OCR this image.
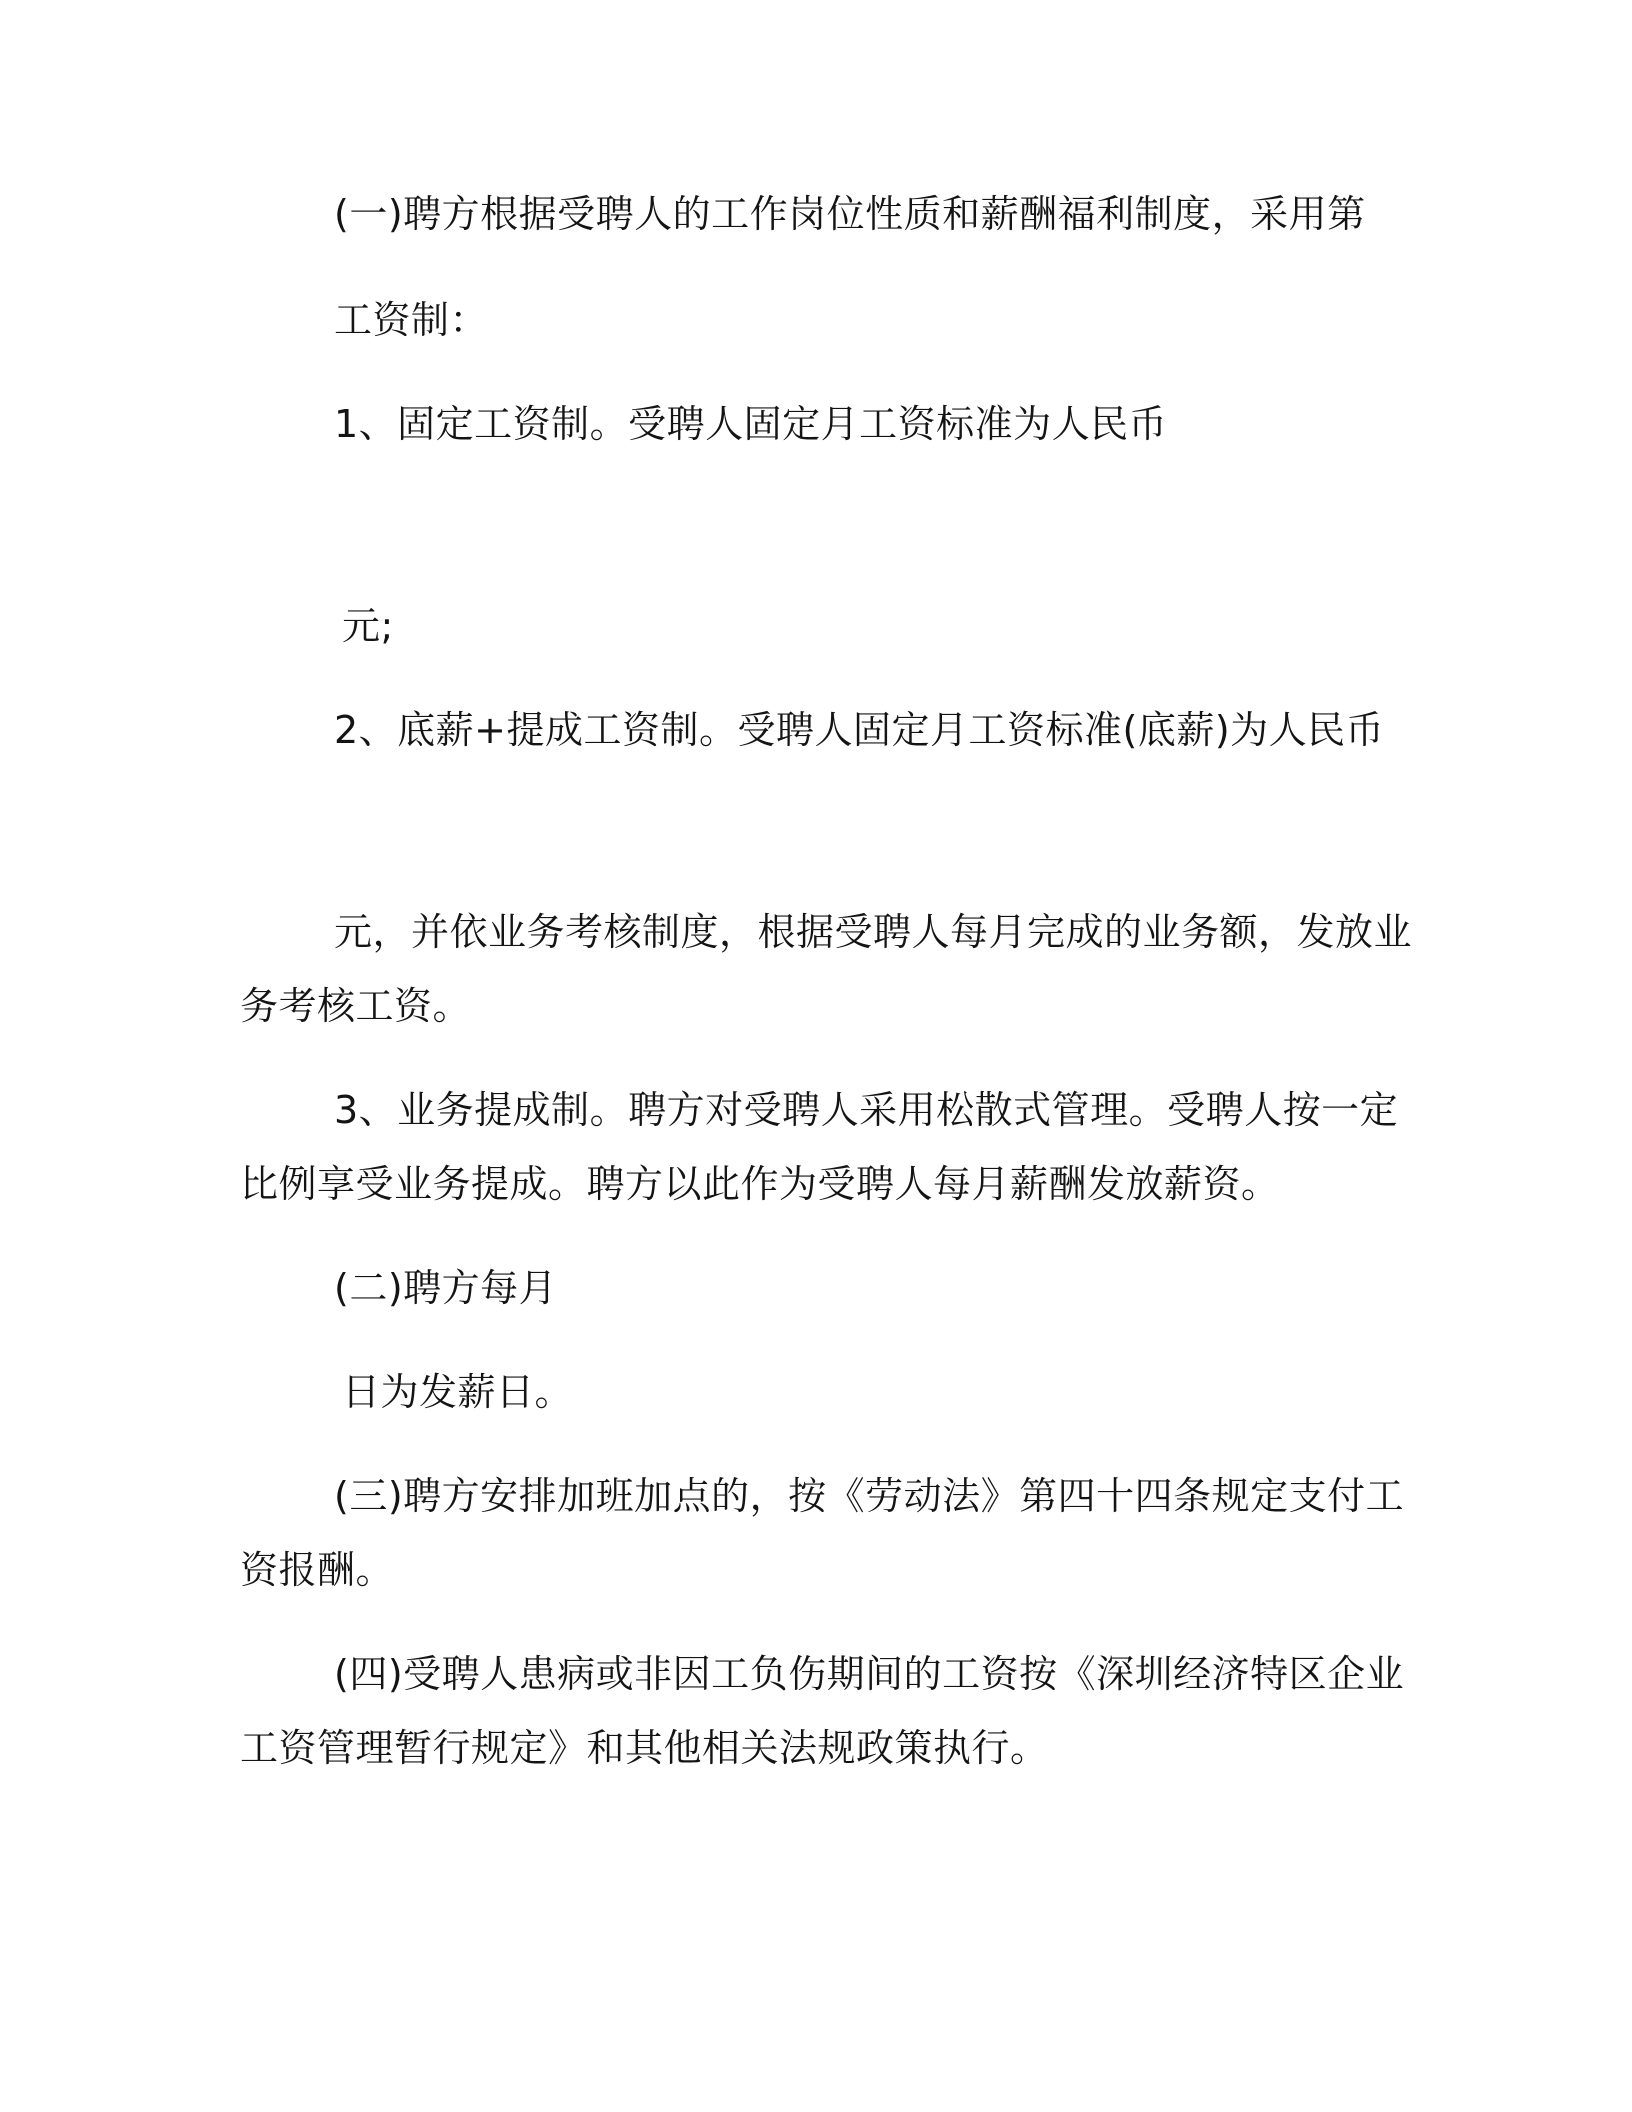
(一)聘方根据受聘人的工作岗位性质和薪酬福利制度，采用第
工资制：
1、固定工资制。受聘人固定月工资标准为人民币
元;
2、底薪+提成工资制。受聘人固定月工资标准(底薪)为人民币
元，并依业务考核制度，根据受聘人每月完成的业务额，发放业
务考核工资。
3、业务提成制。聘方对受聘人采用松散式管理。受聘人按一定
比例享受业务提成。聘方以此作为受聘人每月薪酬发放薪资。
(二)聘方每月
日为发薪日。
(三)聘方安排加班加点的，按《劳动法》第四十四条规定支付工
资报酬。
(四)受聘人患病或非因工负伤期间的工资按《深圳经济特区企业
工资管理暂行规定》和其他相关法规政策执行。
